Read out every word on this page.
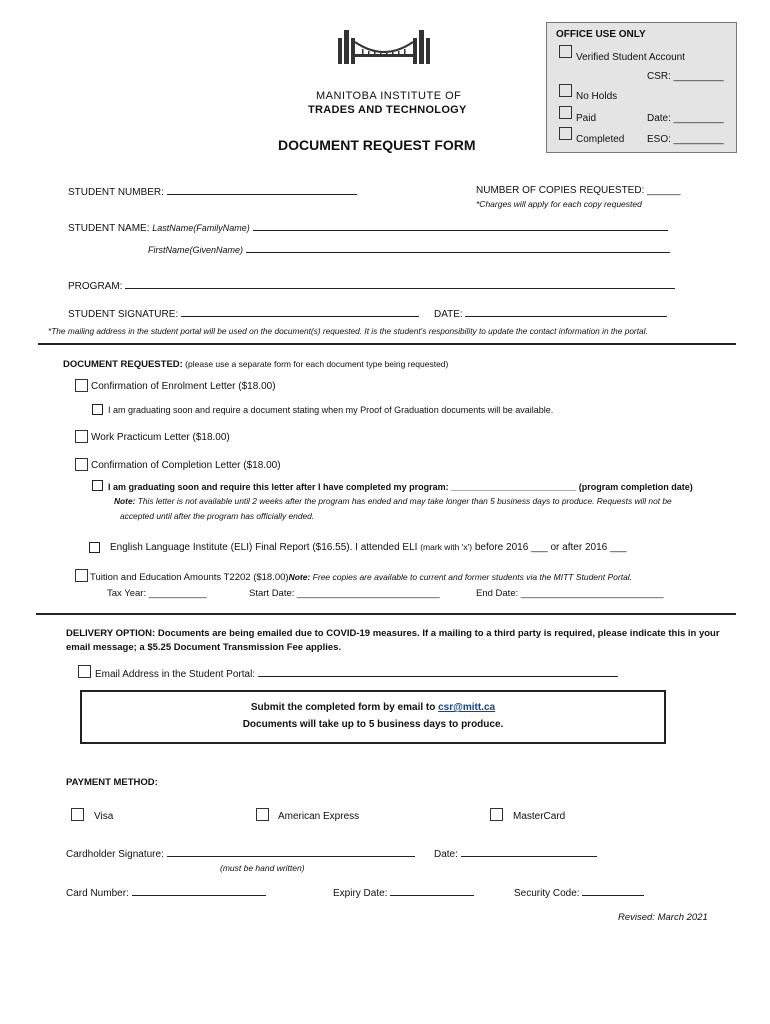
OFFICE USE ONLY
Verified Student Account
CSR: _________
No Holds
Paid	Date: _________
Completed ESO: _________
MANITOBA INSTITUTE OF
TRADES AND TECHNOLOGY
DOCUMENT REQUEST FORM
STUDENT NUMBER:	NUMBER OF COPIES REQUESTED: ______
*Charges will apply for each copy requested
STUDENT NAME: LastName(FamilyName)
FirstName(GivenName)
PROGRAM:
STUDENT SIGNATURE:	DATE:
*The mailing address in the student portal will be used on the document(s) requested. It is the student's responsibility to update the contact information in the portal.
DOCUMENT REQUESTED: (please use a separate form for each document type being requested)
Confirmation of Enrolment Letter ($18.00)
I am graduating soon and require a document stating when my Proof of Graduation documents will be available.
Work Practicum Letter ($18.00)
Confirmation of Completion Letter ($18.00)
I am graduating soon and require this letter after I have completed my program: _________________________ (program completion date)
Note: This letter is not available until 2 weeks after the program has ended and may take longer than 5 business days to produce. Requests will not be
accepted until after the program has officially ended.
English Language Institute (ELI) Final Report ($16.55). I attended ELI (mark with 'x') before 2016 ___ or after 2016 ___
Tuition and Education Amounts T2202 ($18.00)Note: Free copies are available to current and former students via the MITT Student Portal.
Tax Year: ___________	Start Date: ___________________________	End Date: ___________________________
DELIVERY OPTION: Documents are being emailed due to COVID-19 measures. If a mailing to a third party is required, please indicate this in your
email message; a $5.25 Document Transmission Fee applies.
Email Address in the Student Portal:
Submit the completed form by email to csr@mitt.ca
Documents will take up to 5 business days to produce.
PAYMENT METHOD:
Visa	American Express	MasterCard
Cardholder Signature:	Date:
(must be hand written)
Card Number:	Expiry Date:	Security Code:
Revised: March 2021
